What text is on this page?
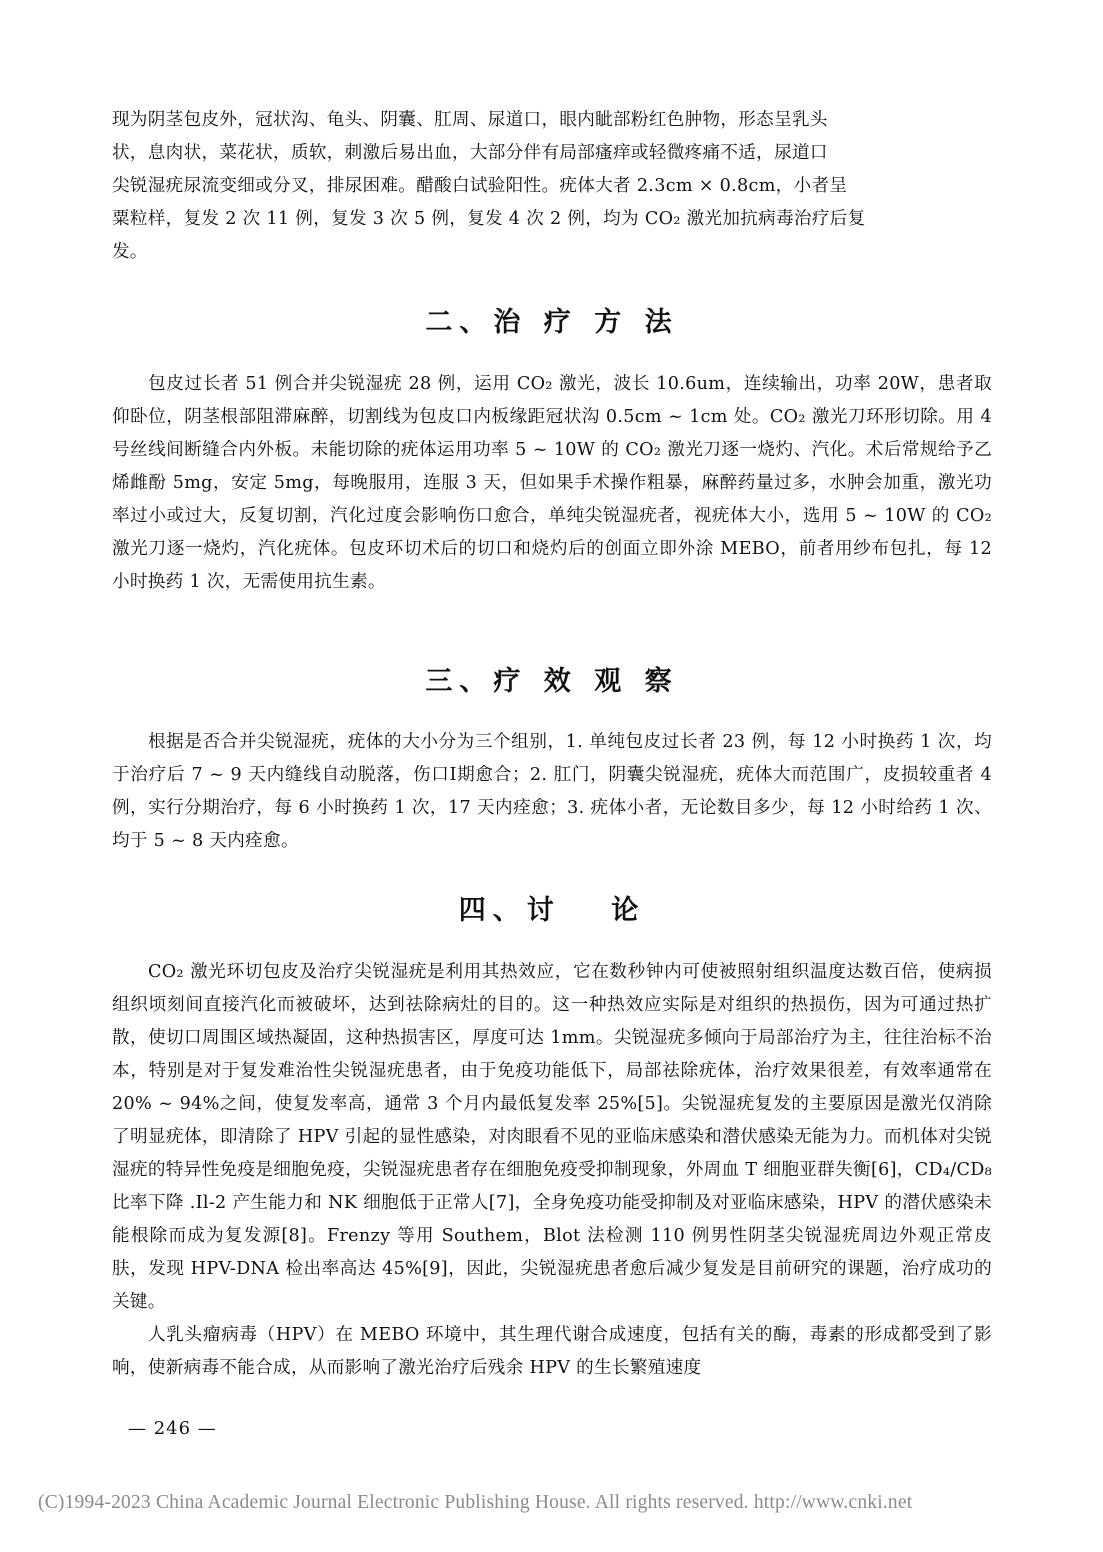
现为阴茎包皮外，冠状沟、龟头、阴囊、肛周、尿道口，眼内眦部粉红色肿物，形态呈乳头

状，息肉状，菜花状，质软，刺激后易出血，大部分伴有局部瘙痒或轻微疼痛不适，尿道口

尖锐湿疣尿流变细或分叉，排尿困难。醋酸白试验阳性。疣体大者 2.3cm × 0.8cm，小者呈

粟粒样，复发 2 次 11 例，复发 3 次 5 例，复发 4 次 2 例，均为 CO₂ 激光加抗病毒治疗后复

发。

二、治 疗 方 法

包皮过长者 51 例合并尖锐湿疣 28 例，运用 CO₂ 激光，波长 10.6um，连续输出，功率 20W，患者取仰卧位，阴茎根部阻滞麻醉，切割线为包皮口内板缘距冠状沟 0.5cm ~ 1cm 处。CO₂ 激光刀环形切除。用 4 号丝线间断缝合内外板。未能切除的疣体运用功率 5 ~ 10W 的 CO₂ 激光刀逐一烧灼、汽化。术后常规给予乙烯雌酚 5mg，安定 5mg，每晚服用，连服 3 天，但如果手术操作粗暴，麻醉药量过多，水肿会加重，激光功率过小或过大，反复切割，汽化过度会影响伤口愈合，单纯尖锐湿疣者，视疣体大小，选用 5 ~ 10W 的 CO₂ 激光刀逐一烧灼，汽化疣体。包皮环切术后的切口和烧灼后的创面立即外涂 MEBO，前者用纱布包扎，每 12 小时换药 1 次，无需使用抗生素。

三、疗 效 观 察

根据是否合并尖锐湿疣，疣体的大小分为三个组别，1. 单纯包皮过长者 23 例，每 12 小时换药 1 次，均于治疗后 7 ~ 9 天内缝线自动脱落，伤口Ⅰ期愈合；2. 肛门，阴囊尖锐湿疣，疣体大而范围广，皮损较重者 4 例，实行分期治疗，每 6 小时换药 1 次，17 天内痊愈；3. 疣体小者，无论数目多少，每 12 小时给药 1 次、均于 5 ~ 8 天内痊愈。

四、讨　 论

CO₂ 激光环切包皮及治疗尖锐湿疣是利用其热效应，它在数秒钟内可使被照射组织温度达数百倍，使病损组织顷刻间直接汽化而被破坏，达到祛除病灶的目的。这一种热效应实际是对组织的热损伤，因为可通过热扩散，使切口周围区域热凝固，这种热损害区，厚度可达 1mm。尖锐湿疣多倾向于局部治疗为主，往往治标不治本，特别是对于复发难治性尖锐湿疣患者，由于免疫功能低下，局部祛除疣体，治疗效果很差，有效率通常在 20% ~ 94%之间，使复发率高，通常 3 个月内最低复发率 25%[5]。尖锐湿疣复发的主要原因是激光仅消除了明显疣体，即清除了 HPV 引起的显性感染，对肉眼看不见的亚临床感染和潜伏感染无能为力。而机体对尖锐湿疣的特异性免疫是细胞免疫，尖锐湿疣患者存在细胞免疫受抑制现象，外周血 T 细胞亚群失衡[6]，CD₄/CD₈ 比率下降 .Il-2 产生能力和 NK 细胞低于正常人[7]，全身免疫功能受抑制及对亚临床感染，HPV 的潜伏感染未能根除而成为复发源[8]。Frenzy 等用 Southem，Blot 法检测 110 例男性阴茎尖锐湿疣周边外观正常皮肤，发现 HPV-DNA 检出率高达 45%[9]，因此，尖锐湿疣患者愈后减少复发是目前研究的课题，治疗成功的关键。

人乳头瘤病毒（HPV）在 MEBO 环境中，其生理代谢合成速度，包括有关的酶，毒素的形成都受到了影响，使新病毒不能合成，从而影响了激光治疗后残余 HPV 的生长繁殖速度

— 246 —
(C)1994-2023 China Academic Journal Electronic Publishing House. All rights reserved. http://www.cnki.net
